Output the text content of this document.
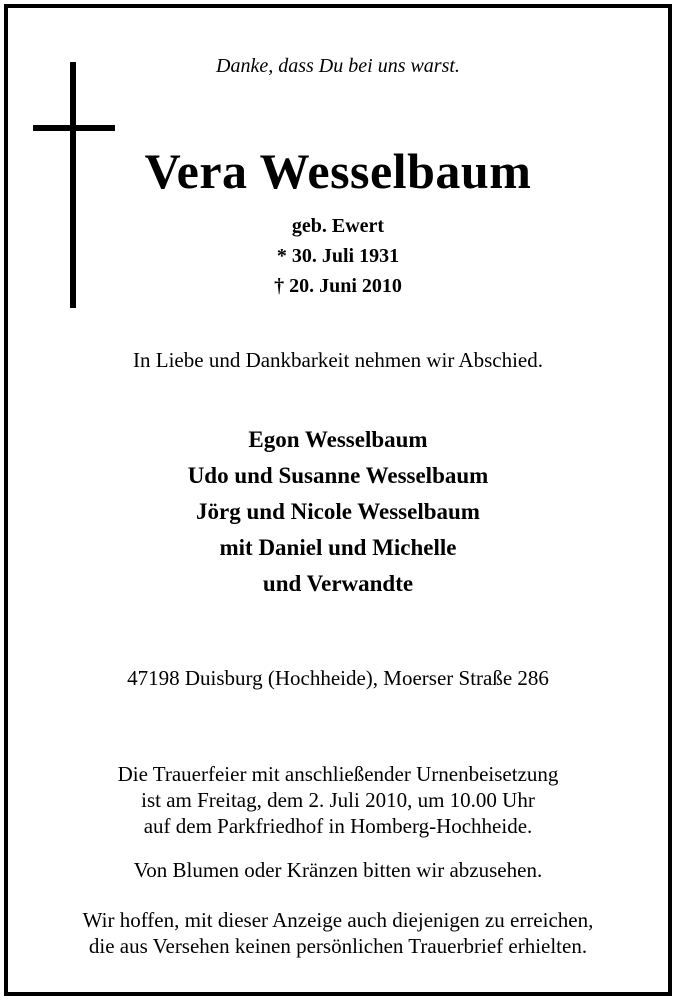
Danke, dass Du bei uns warst.
Vera Wesselbaum
geb. Ewert
* 30. Juli 1931
† 20. Juni 2010
In Liebe und Dankbarkeit nehmen wir Abschied.
Egon Wesselbaum
Udo und Susanne Wesselbaum
Jörg und Nicole Wesselbaum
mit Daniel und Michelle
und Verwandte
47198 Duisburg (Hochheide), Moerser Straße 286
Die Trauerfeier mit anschließender Urnenbeisetzung
ist am Freitag, dem 2. Juli 2010, um 10.00 Uhr
auf dem Parkfriedhof in Homberg-Hochheide.
Von Blumen oder Kränzen bitten wir abzusehen.
Wir hoffen, mit dieser Anzeige auch diejenigen zu erreichen,
die aus Versehen keinen persönlichen Trauerbrief erhielten.
